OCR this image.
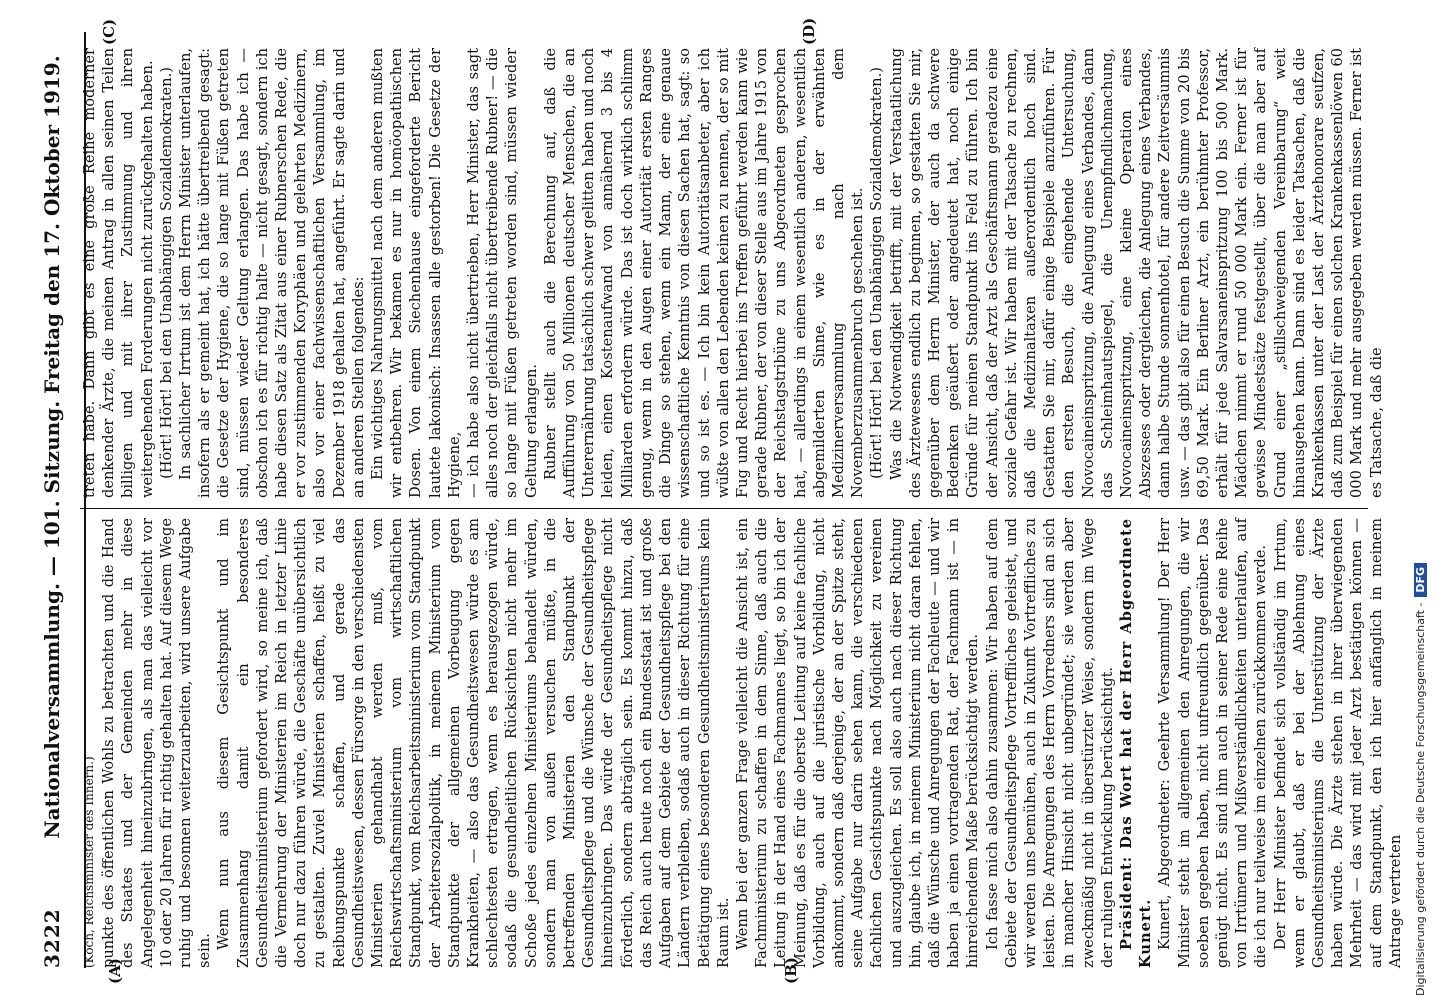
3222
Nationalversammlung. — 101. Sitzung. Freitag den 17. Oktober 1919.

(Koch, Reichsminister des Innern.) punkte des öffentlichen Wohls zu betrachten und die Hand des Staates und der Gemeinden mehr in diese Angelegenheit hineinzubringen, als man das vielleicht vor 10 oder 20 Jahren für richtig gehalten hat. Auf diesem Wege ruhig und besonnen weiterzuarbeiten, wird unsere Aufgabe sein.

Wenn nun aus diesem Gesichtspunkt und im Zusammenhang damit ein besonderes Gesundheitsministerium gefordert wird, so meine ich, daß die Vermehrung der Ministerien im Reich in letzter Linie doch nur dazu führen würde, die Geschäfte unübersichtlich zu gestalten. Zuviel Ministerien schaffen, heißt zu viel Reibungspunkte schaffen, und gerade das Gesundheitswesen, dessen Fürsorge in den verschiedensten Ministerien gehandhabt werden muß, vom Reichswirtschaftsministerium vom wirtschaftlichen Standpunkt, vom Reichsarbeitsministerium vom Standpunkt der Arbeitersozialpolitik, in meinem Ministerium vom Standpunkte der allgemeinen Vorbeugung gegen Krankheiten, — also das Gesundheitswesen würde es am schlechtesten ertragen, wenn es herausgezogen würde, sodaß die gesundheitlichen Rücksichten nicht mehr im Schoße jedes einzelnen Ministeriums behandelt würden, sondern man von außen versuchen müßte, in die betreffenden Ministerien den Standpunkt der Gesundheitspflege und die Wünsche der Gesundheitspflege hineinzubringen. Das würde der Gesundheitspflege nicht förderlich, sondern abträglich sein. Es kommt hinzu, daß das Reich auch heute noch ein Bundesstaat ist und große Aufgaben auf dem Gebiete der Gesundheitspflege bei den Ländern verbleiben, sodaß auch in dieser Richtung für eine Betätigung eines besonderen Gesundheitsministeriums kein Raum ist. Wenn bei der ganzen Frage vielleicht die Ansicht ist, ein Fachministerium zu schaffen in dem Sinne, daß auch die Leitung in der Hand eines Fachmannes liegt, so bin ich der Meinung, daß es für die oberste Leitung auf keine fachliche Vorbildung, auch auf die juristische Vorbildung, nicht ankommt, sondern daß derjenige, der an der Spitze steht, seine Aufgabe nur darin sehen kann, die verschiedenen fachlichen Gesichtspunkte nach Möglichkeit zu vereinen und auszugleichen. Es soll also auch nach dieser Richtung hin, glaube ich, in meinem Ministerium nicht daran fehlen, daß die Wünsche und Anregungen der Fachleute — und wir haben ja einen vortragenden Rat, der Fachmann ist — in hinreichendem Maße berücksichtigt werden. Ich fasse mich also dahin zusammen: Wir haben auf dem Gebiete der Gesundheitspflege Vortreffliches geleistet, und wir werden uns bemühen, auch in Zukunft Vortreffliches zu leisten. Die Anregungen des Herrn Vorredners sind an sich in mancher Hinsicht nicht unbegründet; sie werden aber zweckmäßig nicht in überstürzter Weise, sondern im Wege der ruhigen Entwicklung berücksichtigt. Präsident: Das Wort hat der Herr Abgeordnete Kunert. Kunert, Abgeordneter: Geehrte Versammlung! Der Herr Minister steht im allgemeinen den Anregungen, die wir soeben gegeben haben, nicht unfreundlich gegenüber. Das genügt nicht. Es sind ihm auch in seiner Rede eine Reihe von Irrtümern und Mißverständlichkeiten unterlaufen, auf die ich nur teilweise im einzelnen zurückkommen werde. Der Herr Minister befindet sich vollständig im Irrtum, wenn er glaubt, daß er bei der Ablehnung eines Gesundheitsministeriums die Unterstützung der Ärzte haben würde. Die Ärzte stehen in ihrer überwiegenden Mehrheit — das wird mit jeder Arzt bestätigen können — auf dem Standpunkt, den ich hier anfänglich in meinem Antrage vertreten

treten habe. Dann gibt es eine große Reihe moderner denkender Ärzte, die meinen Antrag in allen seinen Teilen billigen und mit ihrer Zustimmung und ihren weitergehenden Forderungen nicht zurückgehalten haben. (Hört! Hört! bei den Unabhängigen Sozialdemokraten.) In sachlicher Irrtum ist dem Herrn Minister unterlaufen, insofern als er gemeint hat, ich hätte übertreibend gesagt: die Gesetze der Hygiene, die so lange mit Füßen getreten sind, müssen wieder Geltung erlangen. Das habe ich — obschon ich es für richtig halte — nicht gesagt, sondern ich habe diesen Satz als Zitat aus einer Rubnerschen Rede, die er vor zustimmenden Koryphäen und gelehrten Medizinern, also vor einer fachwissenschaftlichen Versammlung, im Dezember 1918 gehalten hat, angeführt. Er sagte darin und an anderen Stellen folgendes: Ein wichtiges Nahrungsmittel nach dem anderen mußten wir entbehren. Wir bekamen es nur in homöopathischen Dosen. Von einem Siechenhause eingeforderte Bericht lautete lakonisch: Insassen alle gestorben! Die Gesetze der Hygiene, — ich habe also nicht übertrieben, Herr Minister, das sagt alles noch der gleichfalls nicht übertreibende Rubner! — die so lange mit Füßen getreten worden sind, müssen wieder Geltung erlangen. Rubner stellt auch die Berechnung auf, daß die Aufführung von 50 Millionen deutscher Menschen, die an Unterernährung tatsächlich schwer gelitten haben und noch leiden, einen Kostenaufwand von annähernd 3 bis 4 Milliarden erfordern würde. Das ist doch wirklich schlimm genug, wenn in den Augen einer Autorität ersten Ranges die Dinge so stehen, wenn ein Mann, der eine genaue wissenschaftliche Kenntnis von diesen Sachen hat, sagt: so und so ist es. — Ich bin kein Autoritätsanbeter, aber ich wüßte von allen den Lebenden keinen zu nennen, der so mit Fug und Recht hierbei ins Treffen geführt werden kann wie gerade Rubner, der von dieser Stelle aus im Jahre 1915 von der Reichstagstribüne zu uns Abgeordneten gesprochen hat, — allerdings in einem wesentlich anderen, wesentlich abgemilderten Sinne, wie es in der erwähnten Medizinerversammlung nach dem Novemberzusammenbruch geschehen ist. (Hört! Hört! bei den Unabhängigen Sozialdemokraten.) Was die Notwendigkeit betrifft, mit der Verstaatlichung des Ärztewesens endlich zu beginnen, so gestatten Sie mir, gegenüber dem Herrn Minister, der auch da schwere Bedenken geäußert oder angedeutet hat, noch einige Gründe für meinen Standpunkt ins Feld zu führen. Ich bin der Ansicht, daß der Arzt als Geschäftsmann geradezu eine soziale Gefahr ist. Wir haben mit der Tatsache zu rechnen, daß die Medizinaltaxen außerordentlich hoch sind. Gestatten Sie mir, dafür einige Beispiele anzuführen. Für den ersten Besuch, die eingehende Untersuchung, Novocaineinspritzung, die Anlegung eines Verbandes, dann das Schleimhautspiegel, die Unempfindlichmachung, Novocaineinspritzung, eine kleine Operation eines Abszesses oder dergleichen, die Anlegung eines Verbandes, dann halbe Stunde sonnenhotel, für andere Zeitversäumnis usw. — das gibt also für einen Besuch die Summe von 20 bis 69,50 Mark. Ein Berliner Arzt, ein berühmter Professor, erhält für jede Salvarsaneinspritzung 100 bis 500 Mark. Mädchen nimmt er rund 50 000 Mark ein. Ferner ist für gewisse Mindestsätze festgestellt, über die man aber auf Grund einer „stillschweigenden Vereinbarung“ weit hinausgehen kann. Dann sind es leider Tatsachen, daß die Krankenkassen unter der Last der Ärztehonorare seufzen, daß zum Beispiel für einen solchen Krankenkassenlöwen 60 000 Mark und mehr ausgegeben werden müssen. Ferner ist es Tatsache, daß die

(A)	(B)
(C)	(D)
Digitalisierung gefördert durch die Deutsche Forschungsgemeinschaft -DFG
